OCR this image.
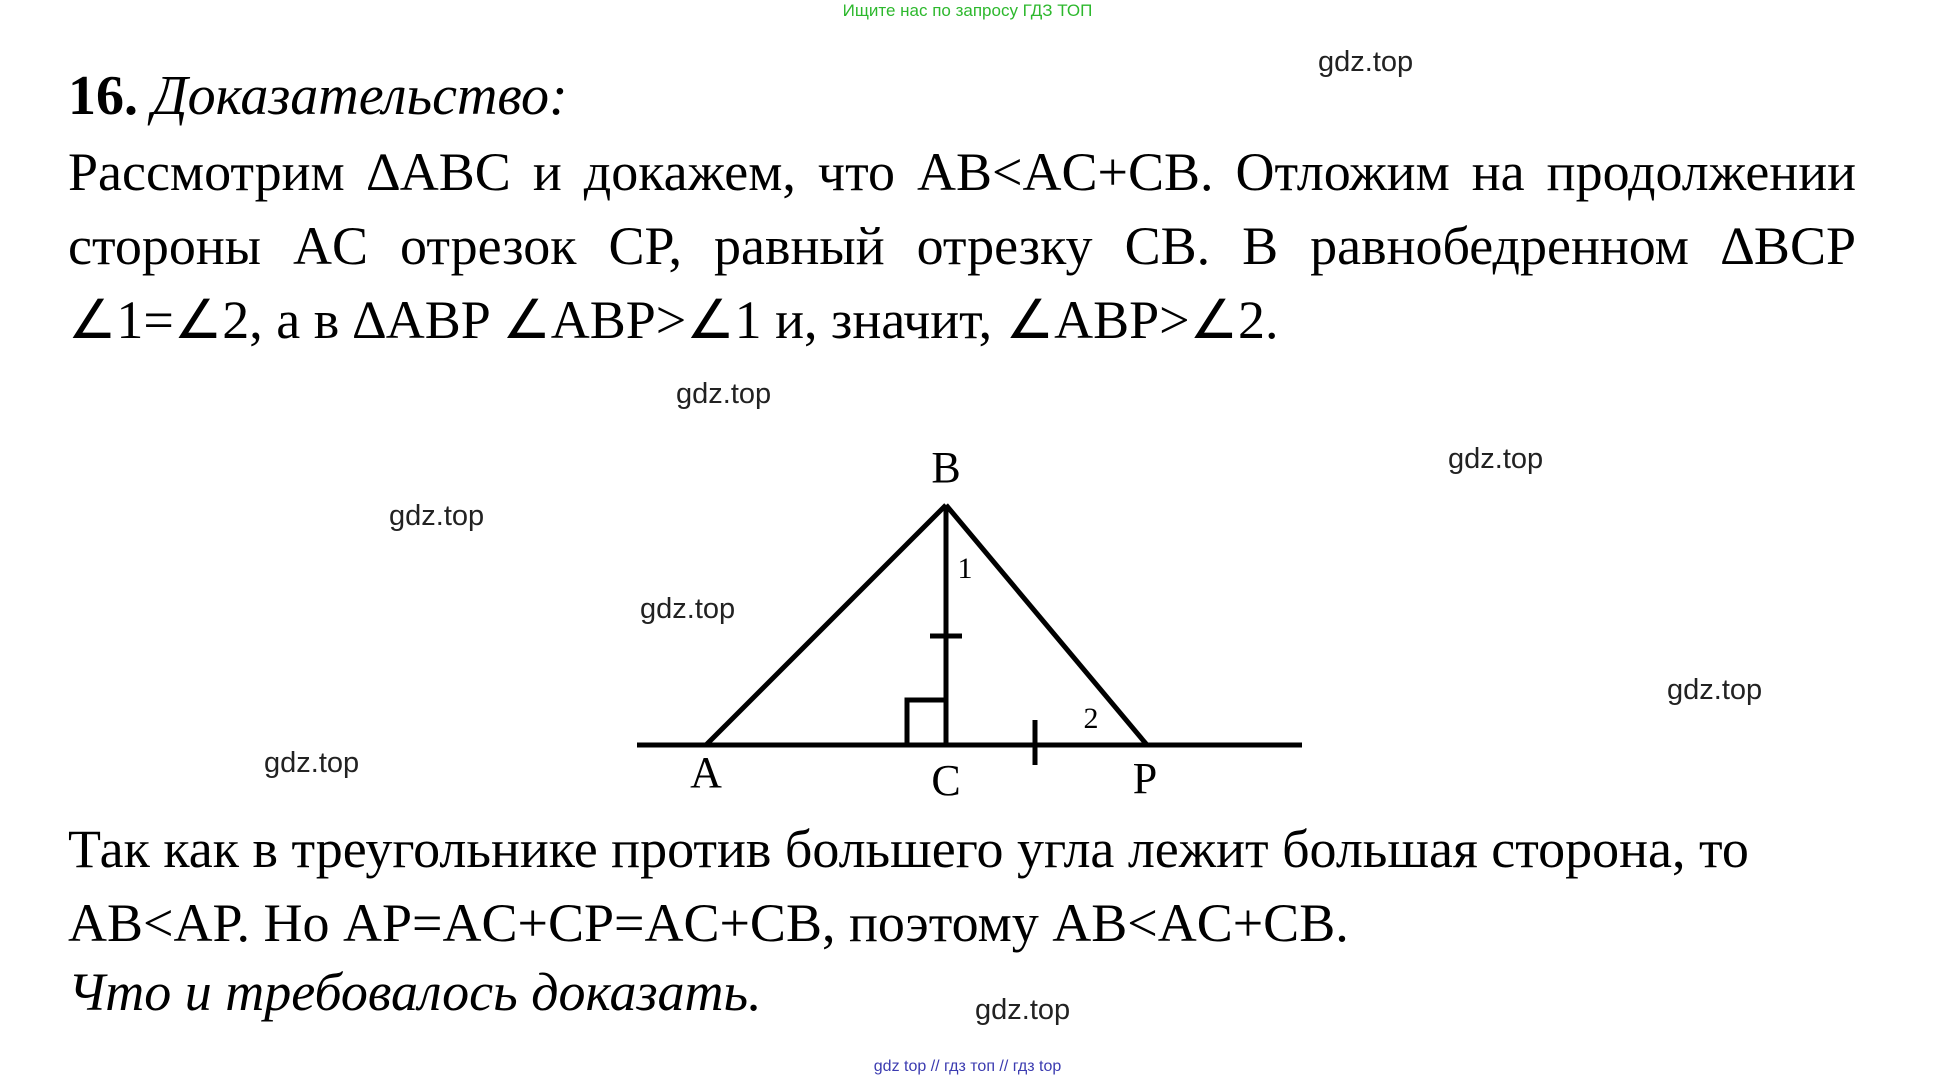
Ищите нас по запросу ГДЗ ТОП
16. Доказательство:
Рассмотрим ∆ABC и докажем, что AB<AC+CB. Отложим на продолжении стороны AC отрезок CP, равный отрезку CB. В равнобедренном ∆BCP ∠1=∠2, а в ∆ABP ∠ABP>∠1 и, значит, ∠ABP>∠2.
B
A	C	P
1
2
Так как в треугольнике против большего угла лежит большая сторона, то AB<AP. Но AP=AC+CP=AC+CB, поэтому AB<AC+CB.
Что и требовалось доказать.
gdz.top
gdz.top
gdz.top
gdz.top
gdz.top
gdz.top
gdz.top
gdz.top
gdz top // гдз топ // гдз top
